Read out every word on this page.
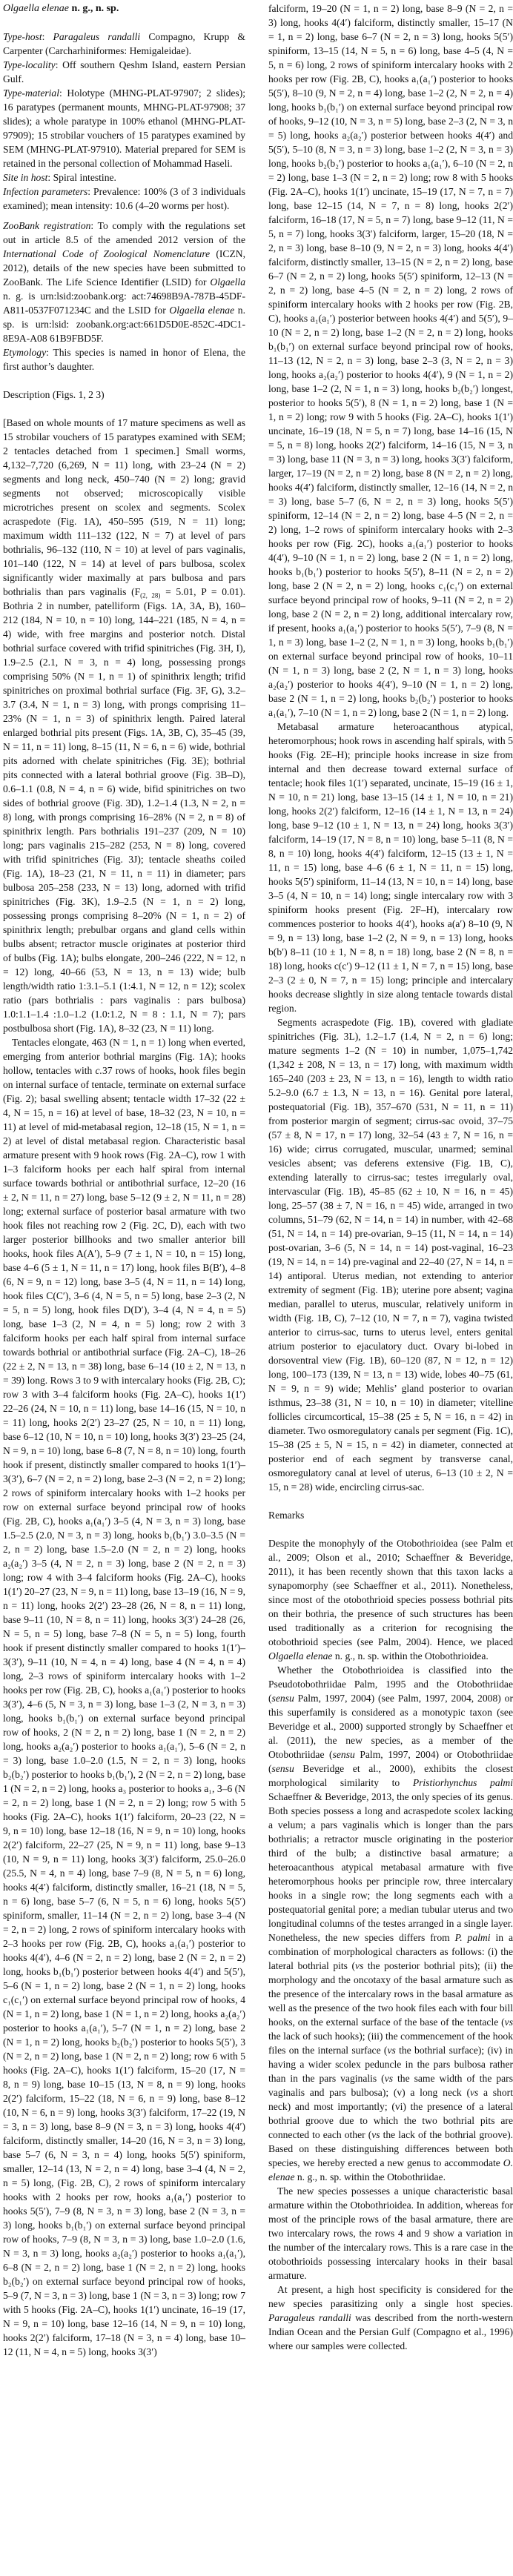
Olgaella elenae n. g., n. sp.

Type-host: Paragaleus randalli Compagno, Krupp & Carpenter (Carcharhiniformes: Hemigaleidae).

Type-locality: Off southern Qeshm Island, eastern Persian Gulf.

Type-material: Holotype (MHNG-PLAT-97907; 2 slides); 16 paratypes (permanent mounts, MHNG-PLAT-97908; 37 slides); a whole paratype in 100% ethanol (MHNG-PLAT-97909); 15 strobilar vouchers of 15 paratypes examined by SEM (MHNG-PLAT-97910). Material prepared for SEM is retained in the personal collection of Mohammad Haseli.

Site in host: Spiral intestine.

Infection parameters: Prevalence: 100% (3 of 3 individuals examined); mean intensity: 10.6 (4–20 worms per host).

ZooBank registration: To comply with the regulations set out in article 8.5 of the amended 2012 version of the International Code of Zoological Nomenclature (ICZN, 2012), details of the new species have been submitted to ZooBank. The Life Science Identifier (LSID) for Olgaella n. g. is urn:lsid:zoobank.org: act:74698B9A-787B-45DF-A811-0537F071234C and the LSID for Olgaella elenae n. sp. is urn:lsid: zoobank.org:act:661D5D0E-852C-4DC1-8E9A-A08 61B9FBD5F.

Etymology: This species is named in honor of Elena, the first author’s daughter.

Description (Figs. 1, 2 3)

[Based on whole mounts of 17 mature specimens as well as 15 strobilar vouchers of 15 paratypes examined with SEM; 2 tentacles detached from 1 specimen.] Small worms, 4,132–7,720 (6,269, N = 11) long, with 23–24 (N = 2) segments and long neck, 450–740 (N = 2) long; gravid segments not observed; microscopically visible microtriches present on scolex and segments. Scolex acraspedote (Fig. 1A), 450–595 (519, N = 11) long; maximum width 111–132 (122, N = 7) at level of pars bothrialis, 96–132 (110, N = 10) at level of pars vaginalis, 101–140 (122, N = 14) at level of pars bulbosa, scolex significantly wider maximally at pars bulbosa and pars bothrialis than pars vaginalis ($F_{(2, 28)} = 5.01$, P = 0.01). Bothria 2 in number, patelliform (Figs. 1A, 3A, B), 160–212 (184, N = 10, n = 10) long, 144–221 (185, N = 4, n = 4) wide, with free margins and posterior notch. Distal bothrial surface covered with trifid spinitriches (Fig. 3H, I), 1.9–2.5 (2.1, N = 3, n = 4) long, possessing prongs comprising 50% (N = 1, n = 1) of spinithrix length; trifid spinitriches on proximal bothrial surface (Fig. 3F, G), 3.2–3.7 (3.4, N = 1, n = 3) long, with prongs comprising 11–23% (N = 1, n = 3) of spinithrix length. Paired lateral enlarged bothrial pits present (Figs. 1A, 3B, C), 35–45 (39, N = 11, n = 11) long, 8–15 (11, N = 6, n = 6) wide, bothrial pits adorned with chelate spinitriches (Fig. 3E); bothrial pits connected with a lateral bothrial groove (Fig. 3B–D), 0.6–1.1 (0.8, N = 4, n = 6) wide, bifid spinitriches on two sides of bothrial groove (Fig. 3D), 1.2–1.4 (1.3, N = 2, n = 8) long, with prongs comprising 16–28% (N = 2, n = 8) of spinithrix length. Pars bothrialis 191–237 (209, N = 10) long; pars vaginalis 215–282 (253, N = 8) long, covered with trifid spinitriches (Fig. 3J); tentacle sheaths coiled (Fig. 1A), 18–23 (21, N = 11, n = 11) in diameter; pars bulbosa 205–258 (233, N = 13) long, adorned with trifid spinitriches (Fig. 3K), 1.9–2.5 (N = 1, n = 2) long, possessing prongs comprising 8–20% (N = 1, n = 2) of spinithrix length; prebulbar organs and gland cells within bulbs absent; retractor muscle originates at posterior third of bulbs (Fig. 1A); bulbs elongate, 200–246 (222, N = 12, n = 12) long, 40–66 (53, N = 13, n = 13) wide; bulb length/width ratio 1:3.1–5.1 (1:4.1, N = 12, n = 12); scolex ratio (pars bothrialis : pars vaginalis : pars bulbosa) 1.0:1.1–1.4 :1.0–1.2 (1.0:1.2, N = 8 : 1.1, N = 7); pars postbulbosa short (Fig. 1A), 8–32 (23, N = 11) long.

Tentacles elongate, 463 (N = 1, n = 1) long when everted, emerging from anterior bothrial margins (Fig. 1A); hooks hollow, tentacles with c.37 rows of hooks, hook files begin on internal surface of tentacle, terminate on external surface (Fig. 2); basal swelling absent; tentacle width 17–32 (22 ± 4, N = 15, n = 16) at level of base, 18–32 (23, N = 10, n = 11) at level of mid-metabasal region, 12–18 (15, N = 1, n = 2) at level of distal metabasal region. Characteristic basal armature present with 9 hook rows (Fig. 2A–C), row 1 with 1–3 falciform hooks per each half spiral from internal surface towards bothrial or antibothrial surface, 12–20 (16 ± 2, N = 11, n = 27) long, base 5–12 (9 ± 2, N = 11, n = 28) long; external surface of posterior basal armature with two hook files not reaching row 2 (Fig. 2C, D), each with two larger posterior billhooks and two smaller anterior bill hooks, hook files A(A′), 5–9 (7 ± 1, N = 10, n = 15) long, base 4–6 (5 ± 1, N = 11, n = 17) long, hook files B(B′), 4–8 (6, N = 9, n = 12) long, base 3–5 (4, N = 11, n = 14) long, hook files C(C′), 3–6 (4, N = 5, n = 5) long, base 2–3 (2, N = 5, n = 5) long, hook files D(D′), 3–4 (4, N = 4, n = 5) long, base 1–3 (2, N = 4, n = 5) long; row 2 with 3 falciform hooks per each half spiral from internal surface towards bothrial or antibothrial surface (Fig. 2A–C), 18–26 (22 ± 2, N = 13, n = 38) long, base 6–14 (10 ± 2, N = 13, n = 39) long. Rows 3 to 9 with intercalary hooks (Fig. 2B, C); row 3 with 3–4 falciform hooks (Fig. 2A–C), hooks 1(1′) 22–26 (24, N = 10, n = 11) long, base 14–16 (15, N = 10, n = 11) long, hooks 2(2′) 23–27 (25, N = 10, n = 11) long, base 6–12 (10, N = 10, n = 10) long, hooks 3(3′) 23–25 (24, N = 9, n = 10) long, base 6–8 (7, N = 8, n = 10) long, fourth hook if present, distinctly smaller compared to hooks 1(1′)–3(3′), 6–7 (N = 2, n = 2) long, base 2–3 (N = 2, n = 2) long; 2 rows of spiniform intercalary hooks with 1–2 hooks per row on external surface beyond principal row of hooks (Fig. 2B, C), hooks a₁(a₁′) 3–5 (4, N = 3, n = 3) long, base 1.5–2.5 (2.0, N = 3, n = 3) long, hooks b₁(b₁′) 3.0–3.5 (N = 2, n = 2) long, base 1.5–2.0 (N = 2, n = 2) long, hooks a₂(a₂′) 3–5 (4, N = 2, n = 3) long, base 2 (N = 2, n = 3) long; row 4 with 3–4 falciform hooks (Fig. 2A–C), hooks 1(1′) 20–27 (23, N = 9, n = 11) long, base 13–19 (16, N = 9, n = 11) long, hooks 2(2′) 23–28 (26, N = 8, n = 11) long, base 9–11 (10, N = 8, n = 11) long, hooks 3(3′) 24–28 (26, N = 5, n = 5) long, base 7–8 (N = 5, n = 5) long, fourth hook if present distinctly smaller compared to hooks 1(1′)–3(3′), 9–11 (10, N = 4, n = 4) long, base 4 (N = 4, n = 4) long, 2–3 rows of spiniform intercalary hooks with 1–2 hooks per row (Fig. 2B, C), hooks a₁(a₁′) posterior to hooks 3(3′), 4–6 (5, N = 3, n = 3) long, base 1–3 (2, N = 3, n = 3) long, hooks b₁(b₁′) on external surface beyond principal row of hooks, 2 (N = 2, n = 2) long, base 1 (N = 2, n = 2) long, hooks a₂(a₂′) posterior to hooks a₁(a₁′), 5–6 (N = 2, n = 3) long, base 1.0–2.0 (1.5, N = 2, n = 3) long, hooks b₂(b₂′) posterior to hooks b₁(b₁′), 2 (N = 2, n = 2) long, base 1 (N = 2, n = 2) long, hooks a₃ posterior to hooks a₁, 3–6 (N = 2, n = 2) long, base 1 (N = 2, n = 2) long; row 5 with 5 hooks (Fig. 2A–C), hooks 1(1′) falciform, 20–23 (22, N = 9, n = 10) long, base 12–18 (16, N = 9, n = 10) long, hooks 2(2′) falciform, 22–27 (25, N = 9, n = 11) long, base 9–13 (10, N = 9, n = 11) long, hooks 3(3′) falciform, 25.0–26.0 (25.5, N = 4, n = 4) long, base 7–9 (8, N = 5, n = 6) long, hooks 4(4′) falciform, distinctly smaller, 16–21 (18, N = 5, n = 6) long, base 5–7 (6, N = 5, n = 6) long, hooks 5(5′) spiniform, smaller, 11–14 (N = 2, n = 2) long, base 3–4 (N = 2, n = 2) long, 2 rows of spiniform intercalary hooks with 2–3 hooks per row (Fig. 2B, C), hooks a₁(a₁′) posterior to hooks 4(4′), 4–6 (N = 2, n = 2) long, base 2 (N = 2, n = 2) long, hooks b₁(b₁′) posterior between hooks 4(4′) and 5(5′), 5–6 (N = 1, n = 2) long, base 2 (N = 1, n = 2) long, hooks c₁(c₁′) on external surface beyond principal row of hooks, 4 (N = 1, n = 2) long, base 1 (N = 1, n = 2) long, hooks a₂(a₂′) posterior to hooks a₁(a₁′), 5–7 (N = 1, n = 2) long, base 2 (N = 1, n = 2) long, hooks b₂(b₂′) posterior to hooks 5(5′), 3 (N = 2, n = 2) long, base 1 (N = 2, n = 2) long; row 6 with 5 hooks (Fig. 2A–C), hooks 1(1′) falciform, 15–20 (17, N = 8, n = 9) long, base 10–15 (13, N = 8, n = 9) long, hooks 2(2′) falciform, 15–22 (18, N = 6, n = 9) long, base 8–12 (10, N = 6, n = 9) long, hooks 3(3′) falciform, 17–22 (19, N = 3, n = 3) long, base 8–9 (N = 3, n = 3) long, hooks 4(4′) falciform, distinctly smaller, 14–20 (16, N = 3, n = 3) long, base 5–7 (6, N = 3, n = 4) long, hooks 5(5′) spiniform, smaller, 12–14 (13, N = 2, n = 4) long, base 3–4 (4, N = 2, n = 5) long, (Fig. 2B, C), 2 rows of spiniform intercalary hooks with 2 hooks per row, hooks a₁(a₁′) posterior to hooks 5(5′), 7–9 (8, N = 3, n = 3) long, base 2 (N = 3, n = 3) long, hooks b₁(b₁′) on external surface beyond principal row of hooks, 7–9 (8, N = 3, n = 3) long, base 1.0–2.0 (1.6, N = 3, n = 3) long, hooks a₂(a₂′) posterior to hooks a₁(a₁′), 6–8 (N = 2, n = 2) long, base 1 (N = 2, n = 2) long, hooks b₂(b₂′) on external surface beyond principal row of hooks, 5–9 (7, N = 3, n = 3) long, base 1 (N = 3, n = 3) long; row 7 with 5 hooks (Fig. 2A–C), hooks 1(1′) uncinate, 16–19 (17, N = 9, n = 10) long, base 12–16 (14, N = 9, n = 10) long, hooks 2(2′) falciform, 17–18 (N = 3, n = 4) long, base 10–12 (11, N = 4, n = 5) long, hooks 3(3′)

falciform, 19–20 (N = 1, n = 2) long, base 8–9 (N = 2, n = 3) long, hooks 4(4′) falciform, distinctly smaller, 15–17 (N = 1, n = 2) long, base 6–7 (N = 2, n = 3) long, hooks 5(5′) spiniform, 13–15 (14, N = 5, n = 6) long, base 4–5 (4, N = 5, n = 6) long, 2 rows of spiniform intercalary hooks with 2 hooks per row (Fig. 2B, C), hooks a₁(a₁′) posterior to hooks 5(5′), 8–10 (9, N = 2, n = 4) long, base 1–2 (2, N = 2, n = 4) long, hooks b₁(b₁′) on external surface beyond principal row of hooks, 9–12 (10, N = 3, n = 5) long, base 2–3 (2, N = 3, n = 5) long, hooks a₂(a₂′) posterior between hooks 4(4′) and 5(5′), 5–10 (8, N = 3, n = 3) long, base 1–2 (2, N = 3, n = 3) long, hooks b₂(b₂′) posterior to hooks a₁(a₁′), 6–10 (N = 2, n = 2) long, base 1–3 (N = 2, n = 2) long; row 8 with 5 hooks (Fig. 2A–C), hooks 1(1′) uncinate, 15–19 (17, N = 7, n = 7) long, base 12–15 (14, N = 7, n = 8) long, hooks 2(2′) falciform, 16–18 (17, N = 5, n = 7) long, base 9–12 (11, N = 5, n = 7) long, hooks 3(3′) falciform, larger, 15–20 (18, N = 2, n = 3) long, base 8–10 (9, N = 2, n = 3) long, hooks 4(4′) falciform, distinctly smaller, 13–15 (N = 2, n = 2) long, base 6–7 (N = 2, n = 2) long, hooks 5(5′) spiniform, 12–13 (N = 2, n = 2) long, base 4–5 (N = 2, n = 2) long, 2 rows of spiniform intercalary hooks with 2 hooks per row (Fig. 2B, C), hooks a₁(a₁′) posterior between hooks 4(4′) and 5(5′), 9–10 (N = 2, n = 2) long, base 1–2 (N = 2, n = 2) long, hooks b₁(b₁′) on external surface beyond principal row of hooks, 11–13 (12, N = 2, n = 3) long, base 2–3 (3, N = 2, n = 3) long, hooks a₂(a₂′) posterior to hooks 4(4′), 9 (N = 1, n = 2) long, base 1–2 (2, N = 1, n = 3) long, hooks b₂(b₂′) longest, posterior to hooks 5(5′), 8 (N = 1, n = 2) long, base 1 (N = 1, n = 2) long; row 9 with 5 hooks (Fig. 2A–C), hooks 1(1′) uncinate, 16–19 (18, N = 5, n = 7) long, base 14–16 (15, N = 5, n = 8) long, hooks 2(2′) falciform, 14–16 (15, N = 3, n = 3) long, base 11 (N = 3, n = 3) long, hooks 3(3′) falciform, larger, 17–19 (N = 2, n = 2) long, base 8 (N = 2, n = 2) long, hooks 4(4′) falciform, distinctly smaller, 12–16 (14, N = 2, n = 3) long, base 5–7 (6, N = 2, n = 3) long, hooks 5(5′) spiniform, 12–14 (N = 2, n = 2) long, base 4–5 (N = 2, n = 2) long, 1–2 rows of spiniform intercalary hooks with 2–3 hooks per row (Fig. 2C), hooks a₁(a₁′) posterior to hooks 4(4′), 9–10 (N = 1, n = 2) long, base 2 (N = 1, n = 2) long, hooks b₁(b₁′) posterior to hooks 5(5′), 8–11 (N = 2, n = 2) long, base 2 (N = 2, n = 2) long, hooks c₁(c₁′) on external surface beyond principal row of hooks, 9–11 (N = 2, n = 2) long, base 2 (N = 2, n = 2) long, additional intercalary row, if present, hooks a₁(a₁′) posterior to hooks 5(5′), 7–9 (8, N = 1, n = 3) long, base 1–2 (2, N = 1, n = 3) long, hooks b₁(b₁′) on external surface beyond principal row of hooks, 10–11 (N = 1, n = 3) long, base 2 (2, N = 1, n = 3) long, hooks a₂(a₂′) posterior to hooks 4(4′), 9–10 (N = 1, n = 2) long, base 2 (N = 1, n = 2) long, hooks b₂(b₂′) posterior to hooks a₁(a₁′), 7–10 (N = 1, n = 2) long, base 2 (N = 1, n = 2) long.

Metabasal armature heteroacanthous atypical, heteromorphous; hook rows in ascending half spirals, with 5 hooks (Fig. 2E–H); principle hooks increase in size from internal and then decrease toward external surface of tentacle; hook files 1(1′) separated, uncinate, 15–19 (16 ± 1, N = 10, n = 21) long, base 13–15 (14 ± 1, N = 10, n = 21) long, hooks 2(2′) falciform, 12–16 (14 ± 1, N = 13, n = 24) long, base 9–12 (10 ± 1, N = 13, n = 24) long, hooks 3(3′) falciform, 14–19 (17, N = 8, n = 10) long, base 5–11 (8, N = 8, n = 10) long, hooks 4(4′) falciform, 12–15 (13 ± 1, N = 11, n = 15) long, base 4–6 (6 ± 1, N = 11, n = 15) long, hooks 5(5′) spiniform, 11–14 (13, N = 10, n = 14) long, base 3–5 (4, N = 10, n = 14) long; single intercalary row with 3 spiniform hooks present (Fig. 2F–H), intercalary row commences posterior to hooks 4(4′), hooks a(a′) 8–10 (9, N = 9, n = 13) long, base 1–2 (2, N = 9, n = 13) long, hooks b(b′) 8–11 (10 ± 1, N = 8, n = 18) long, base 2 (N = 8, n = 18) long, hooks c(c′) 9–12 (11 ± 1, N = 7, n = 15) long, base 2–3 (2 ± 0, N = 7, n = 15) long; principle and intercalary hooks decrease slightly in size along tentacle towards distal region.

Segments acraspedote (Fig. 1B), covered with gladiate spinitriches (Fig. 3L), 1.2–1.7 (1.4, N = 2, n = 6) long; mature segments 1–2 (N = 10) in number, 1,075–1,742 (1,342 ± 208, N = 13, n = 17) long, with maximum width 165–240 (203 ± 23, N = 13, n = 16), length to width ratio 5.2–9.0 (6.7 ± 1.3, N = 13, n = 16). Genital pore lateral, postequatorial (Fig. 1B), 357–670 (531, N = 11, n = 11) from posterior margin of segment; cirrus-sac ovoid, 37–75 (57 ± 8, N = 17, n = 17) long, 32–54 (43 ± 7, N = 16, n = 16) wide; cirrus corrugated, muscular, unarmed; seminal vesicles absent; vas deferens extensive (Fig. 1B, C), extending laterally to cirrus-sac; testes irregularly oval, intervascular (Fig. 1B), 45–85 (62 ± 10, N = 16, n = 45) long, 25–57 (38 ± 7, N = 16, n = 45) wide, arranged in two columns, 51–79 (62, N = 14, n = 14) in number, with 42–68 (51, N = 14, n = 14) pre-ovarian, 9–15 (11, N = 14, n = 14) post-ovarian, 3–6 (5, N = 14, n = 14) post-vaginal, 16–23 (19, N = 14, n = 14) pre-vaginal and 22–40 (27, N = 14, n = 14) antiporal. Uterus median, not extending to anterior extremity of segment (Fig. 1B); uterine pore absent; vagina median, parallel to uterus, muscular, relatively uniform in width (Fig. 1B, C), 7–12 (10, N = 7, n = 7), vagina twisted anterior to cirrus-sac, turns to uterus level, enters genital atrium posterior to ejaculatory duct. Ovary bi-lobed in dorsoventral view (Fig. 1B), 60–120 (87, N = 12, n = 12) long, 100–173 (139, N = 13, n = 13) wide, lobes 40–75 (61, N = 9, n = 9) wide; Mehlis’ gland posterior to ovarian isthmus, 23–38 (31, N = 10, n = 10) in diameter; vitelline follicles circumcortical, 15–38 (25 ± 5, N = 16, n = 42) in diameter. Two osmoregulatory canals per segment (Fig. 1C), 15–38 (25 ± 5, N = 15, n = 42) in diameter, connected at posterior end of each segment by transverse canal, osmoregulatory canal at level of uterus, 6–13 (10 ± 2, N = 15, n = 28) wide, encircling cirrus-sac.

Remarks

Despite the monophyly of the Otobothrioidea (see Palm et al., 2009; Olson et al., 2010; Schaeffner & Beveridge, 2011), it has been recently shown that this taxon lacks a synapomorphy (see Schaeffner et al., 2011). Nonetheless, since most of the otobothrioid species possess bothrial pits on their bothria, the presence of such structures has been used traditionally as a criterion for recognising the otobothrioid species (see Palm, 2004). Hence, we placed Olgaella elenae n. g., n. sp. within the Otobothrioidea.

Whether the Otobothrioidea is classified into the Pseudotobothriidae Palm, 1995 and the Otobothriidae (sensu Palm, 1997, 2004) (see Palm, 1997, 2004, 2008) or this superfamily is considered as a monotypic taxon (see Beveridge et al., 2000) supported strongly by Schaeffner et al. (2011), the new species, as a member of the Otobothriidae (sensu Palm, 1997, 2004) or Otobothriidae (sensu Beveridge et al., 2000), exhibits the closest morphological similarity to Pristiorhynchus palmi Schaeffner & Beveridge, 2013, the only species of its genus. Both species possess a long and acraspedote scolex lacking a velum; a pars vaginalis which is longer than the pars bothrialis; a retractor muscle originating in the posterior third of the bulb; a distinctive basal armature; a heteroacanthous atypical metabasal armature with five heteromorphous hooks per principle row, three intercalary hooks in a single row; the long segments each with a postequatorial genital pore; a median tubular uterus and two longitudinal columns of the testes arranged in a single layer. Nonetheless, the new species differs from P. palmi in a combination of morphological characters as follows: (i) the lateral bothrial pits (vs the posterior bothrial pits); (ii) the morphology and the oncotaxy of the basal armature such as the presence of the intercalary rows in the basal armature as well as the presence of the two hook files each with four bill hooks, on the external surface of the base of the tentacle (vs the lack of such hooks); (iii) the commencement of the hook files on the internal surface (vs the bothrial surface); (iv) in having a wider scolex peduncle in the pars bulbosa rather than in the pars vaginalis (vs the same width of the pars vaginalis and pars bulbosa); (v) a long neck (vs a short neck) and most importantly; (vi) the presence of a lateral bothrial groove due to which the two bothrial pits are connected to each other (vs the lack of the bothrial groove). Based on these distinguishing differences between both species, we hereby erected a new genus to accommodate O. elenae n. g., n. sp. within the Otobothriidae.

The new species possesses a unique characteristic basal armature within the Otobothrioidea. In addition, whereas for most of the principle rows of the basal armature, there are two intercalary rows, the rows 4 and 9 show a variation in the number of the intercalary rows. This is a rare case in the otobothrioids possessing intercalary hooks in their basal armature.

At present, a high host specificity is considered for the new species parasitizing only a single host species. Paragaleus randalli was described from the north-western Indian Ocean and the Persian Gulf (Compagno et al., 1996) where our samples were collected.
